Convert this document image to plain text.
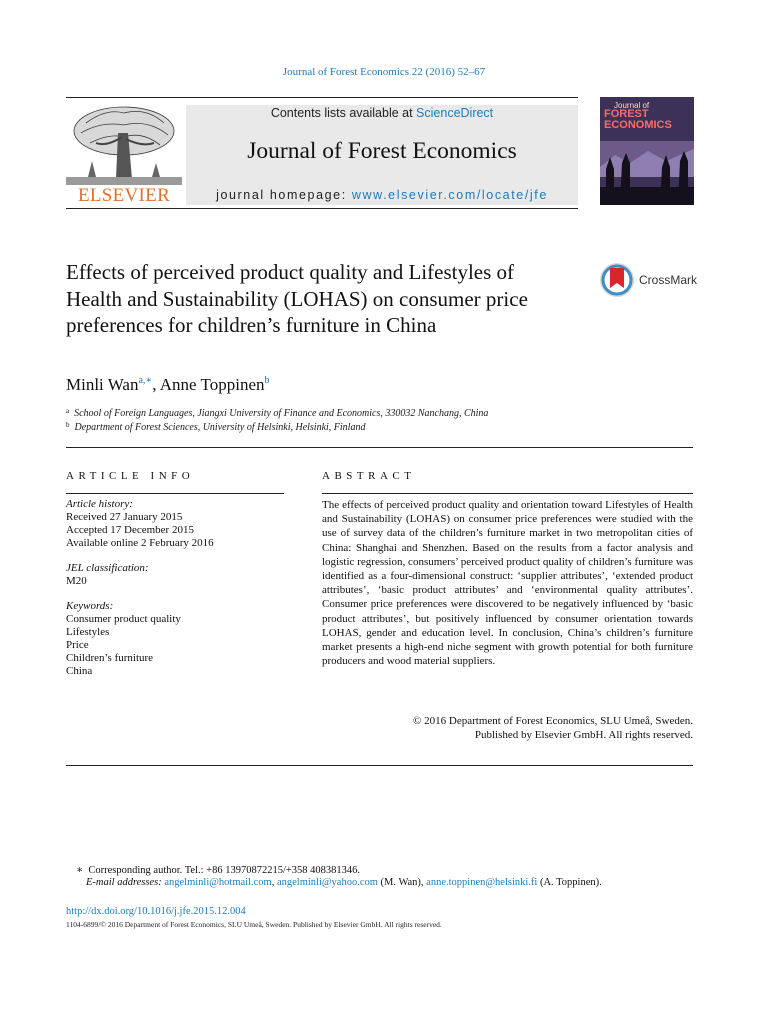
Journal of Forest Economics 22 (2016) 52–67
ELSEVIER
Contents lists available at ScienceDirect
Journal of Forest Economics
journal homepage: www.elsevier.com/locate/jfe
Journal of
FOREST
ECONOMICS
Effects of perceived product quality and Lifestyles of Health and Sustainability (LOHAS) on consumer price preferences for children’s furniture in China
CrossMark
Minli Wan$^{a,∗}$, Anne Toppinen$^b$
$^a$ School of Foreign Languages, Jiangxi University of Finance and Economics, 330032 Nanchang, China
$^b$ Department of Forest Sciences, University of Helsinki, Helsinki, Finland
ARTICLE INFO	ABSTRACT
Article history:
Received 27 January 2015
Accepted 17 December 2015
Available online 2 February 2016
JEL classification:
M20
Keywords:
Consumer product quality
Lifestyles
Price
Children’s furniture
China
The effects of perceived product quality and orientation toward Lifestyles of Health and Sustainability (LOHAS) on consumer price preferences were studied with the use of survey data of the children’s furniture market in two metropolitan cities of China: Shanghai and Shenzhen. Based on the results from a factor analysis and logistic regression, consumers’ perceived product quality of children’s furniture was identified as a four-dimensional construct: ‘supplier attributes’, ‘extended product attributes’, ‘basic product attributes’ and ‘environmental quality attributes’. Consumer price preferences were discovered to be negatively influenced by ‘basic product attributes’, but positively influenced by consumer orientation towards LOHAS, gender and education level. In conclusion, China’s children’s furniture market presents a high-end niche segment with growth potential for both furniture producers and wood material suppliers.
© 2016 Department of Forest Economics, SLU Umeå, Sweden.
Published by Elsevier GmbH. All rights reserved.
∗ Corresponding author. Tel.: +86 13970872215/+358 408381346.
E-mail addresses: angelminli@hotmail.com, angelminli@yahoo.com (M. Wan), anne.toppinen@helsinki.fi (A. Toppinen).
http://dx.doi.org/10.1016/j.jfe.2015.12.004
1104-6899/© 2016 Department of Forest Economics, SLU Umeå, Sweden. Published by Elsevier GmbH. All rights reserved.
